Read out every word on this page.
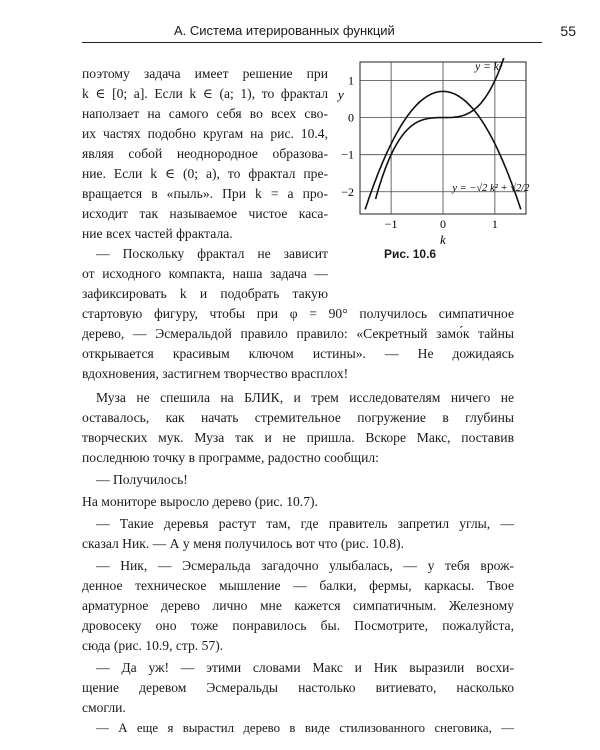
А. Система итерированных функций	55
поэтому задача имеет решение при
k ∈ [0; a]. Если k ∈ (a; 1), то фрактал
наползает на самого себя во всех сво-
их частях подобно кругам на рис. 10.4,
являя собой неоднородное образова-
ние. Если k ∈ (0; a), то фрактал пре-
вращается в «пыль». При k = a про-
исходит так называемое чистое каса-
ние всех частей фрактала.
— Поскольку фрактал не зависит
от исходного компакта, наша задача —
зафиксировать k и подобрать такую
стартовую фигуру, чтобы при φ = 90° получилось симпатичное
дерево, — Эсмеральдой правило правило: «Секретный замо́к тайны
открывается красивым ключом истины». — Не дожидаясь
вдохновения, застигнем творчество врасплох!
Муза не спешила на БЛИК, и трем исследователям ничего не
оставалось, как начать стремительное погружение в глубины
творческих мук. Муза так и не пришла. Вскоре Макс, поставив
последнюю точку в программе, радостно сообщил:
— Получилось!
На мониторе выросло дерево (рис. 10.7).
— Такие деревья растут там, где правитель запретил углы, —
сказал Ник. — А у меня получилось вот что (рис. 10.8).
— Ник, — Эсмеральда загадочно улыбалась, — у тебя врож-
денное техническое мышление — балки, фермы, каркасы. Твое
арматурное дерево лично мне кажется симпатичным. Железному
дровосеку оно тоже понравилось бы. Посмотрите, пожалуйста,
сюда (рис. 10.9, стр. 57).
— Да уж! — этими словами Макс и Ник выразили восхи-
щение деревом Эсмеральды настолько витиевато, насколько
смогли.
— А еще я вырастил дерево в виде стилизованного снеговика, —
−1	0	1
1
0
−1
−2
y
k
y = k³
y = −√2 k² + √2/2
Рис. 10.6
